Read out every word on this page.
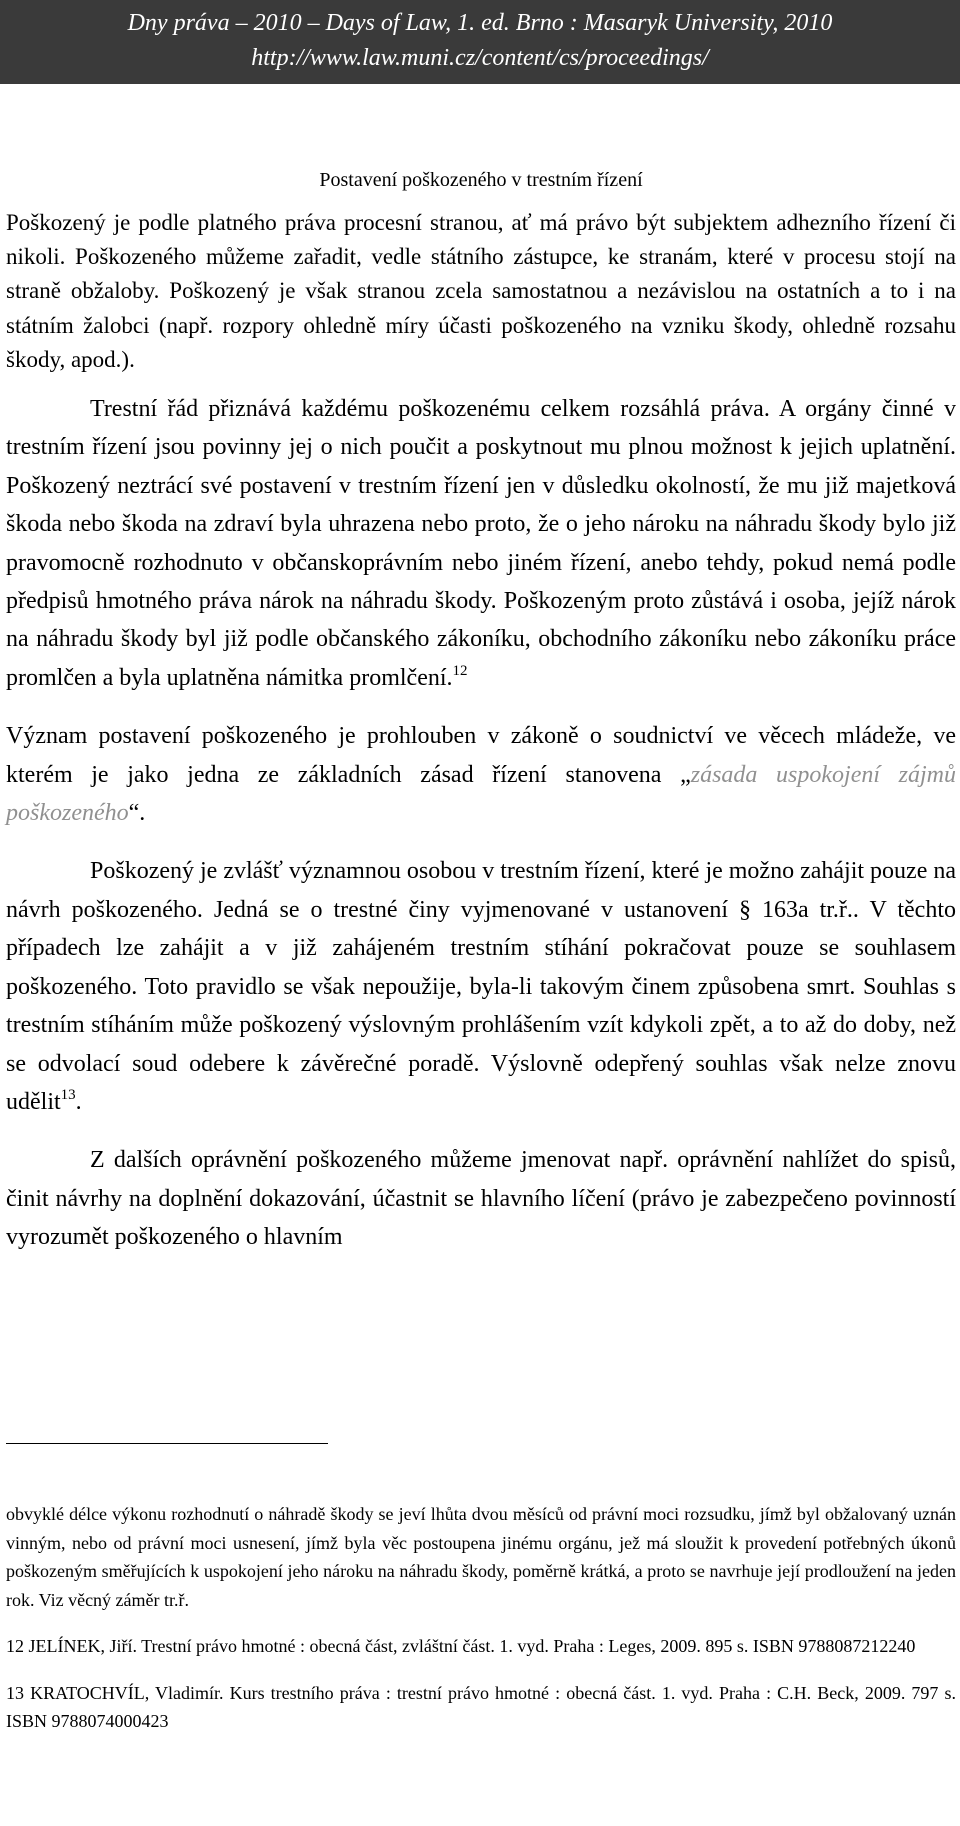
Dny práva – 2010 – Days of Law, 1. ed. Brno : Masaryk University, 2010
http://www.law.muni.cz/content/cs/proceedings/
Postavení poškozeného v trestním řízení

Poškozený je podle platného práva procesní stranou, ať má právo být subjektem adhezního řízení či nikoli. Poškozeného můžeme zařadit, vedle státního zástupce, ke stranám, které v procesu stojí na straně obžaloby. Poškozený je však stranou zcela samostatnou a nezávislou na ostatních a to i na státním žalobci (např. rozpory ohledně míry účasti poškozeného na vzniku škody, ohledně rozsahu škody, apod.).

Trestní řád přiznává každému poškozenému celkem rozsáhlá práva. A orgány činné v trestním řízení jsou povinny jej o nich poučit a poskytnout mu plnou možnost k jejich uplatnění. Poškozený neztrácí své postavení v trestním řízení jen v důsledku okolností, že mu již majetková škoda nebo škoda na zdraví byla uhrazena nebo proto, že o jeho nároku na náhradu škody bylo již pravomocně rozhodnuto v občanskoprávním nebo jiném řízení, anebo tehdy, pokud nemá podle předpisů hmotného práva nárok na náhradu škody. Poškozeným proto zůstává i osoba, jejíž nárok na náhradu škody byl již podle občanského zákoníku, obchodního zákoníku nebo zákoníku práce promlčen a byla uplatněna námitka promlčení.$^{12}$

Význam postavení poškozeného je prohlouben v zákoně o soudnictví ve věcech mládeže, ve kterém je jako jedna ze základních zásad řízení stanovena „zásada uspokojení zájmů poškozeného“.

Poškozený je zvlášť významnou osobou v trestním řízení, které je možno zahájit pouze na návrh poškozeného. Jedná se o trestné činy vyjmenované v ustanovení § 163a tr.ř.. V těchto případech lze zahájit a v již zahájeném trestním stíhání pokračovat pouze se souhlasem poškozeného. Toto pravidlo se však nepoužije, byla-li takovým činem způsobena smrt. Souhlas s trestním stíháním může poškozený výslovným prohlášením vzít kdykoli zpět, a to až do doby, než se odvolací soud odebere k závěrečné poradě. Výslovně odepřený souhlas však nelze znovu udělit$^{13}$.

Z dalších oprávnění poškozeného můžeme jmenovat např. oprávnění nahlížet do spisů, činit návrhy na doplnění dokazování, účastnit se hlavního líčení (právo je zabezpečeno povinností vyrozumět poškozeného o hlavním

obvyklé délce výkonu rozhodnutí o náhradě škody se jeví lhůta dvou měsíců od právní moci rozsudku, jímž byl obžalovaný uznán vinným, nebo od právní moci usnesení, jímž byla věc postoupena jinému orgánu, jež má sloužit k provedení potřebných úkonů poškozeným směřujících k uspokojení jeho nároku na náhradu škody, poměrně krátká, a proto se navrhuje její prodloužení na jeden rok. Viz věcný záměr tr.ř.

12 JELÍNEK, Jiří. Trestní právo hmotné : obecná část, zvláštní část. 1. vyd. Praha : Leges, 2009. 895 s. ISBN 9788087212240

13 KRATOCHVÍL, Vladimír. Kurs trestního práva : trestní právo hmotné : obecná část. 1. vyd. Praha : C.H. Beck, 2009. 797 s. ISBN 9788074000423
